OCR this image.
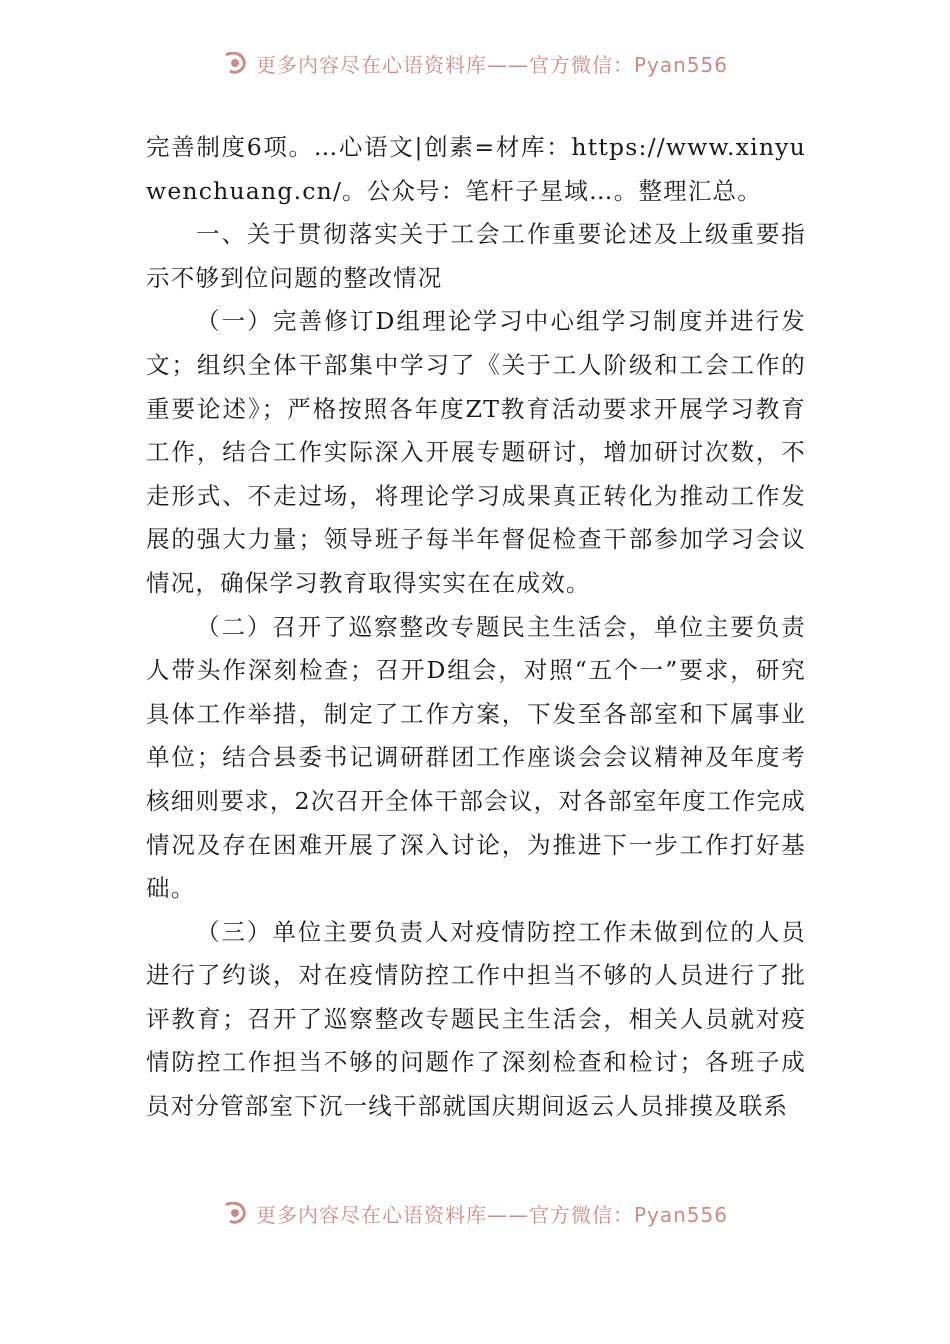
更多内容尽在心语资料库——官方微信：Pyan556

完善制度6项。…心语文|创素=材库：https://www.xinyuwenchuang.cn/。公众号：笔杆子星域…。整理汇总。

一、关于贯彻落实关于工会工作重要论述及上级重要指示不够到位问题的整改情况

（一）完善修订D组理论学习中心组学习制度并进行发文；组织全体干部集中学习了《关于工人阶级和工会工作的重要论述》；严格按照各年度ZT教育活动要求开展学习教育工作，结合工作实际深入开展专题研讨，增加研讨次数，不走形式、不走过场，将理论学习成果真正转化为推动工作发展的强大力量；领导班子每半年督促检查干部参加学习会议情况，确保学习教育取得实实在在成效。

（二）召开了巡察整改专题民主生活会，单位主要负责人带头作深刻检查；召开D组会，对照“五个一”要求，研究具体工作举措，制定了工作方案，下发至各部室和下属事业单位；结合县委书记调研群团工作座谈会会议精神及年度考核细则要求，2次召开全体干部会议，对各部室年度工作完成情况及存在困难开展了深入讨论，为推进下一步工作打好基础。

（三）单位主要负责人对疫情防控工作未做到位的人员进行了约谈，对在疫情防控工作中担当不够的人员进行了批评教育；召开了巡察整改专题民主生活会，相关人员就对疫情防控工作担当不够的问题作了深刻检查和检讨；各班子成员对分管部室下沉一线干部就国庆期间返云人员排摸及联系

更多内容尽在心语资料库——官方微信：Pyan556
